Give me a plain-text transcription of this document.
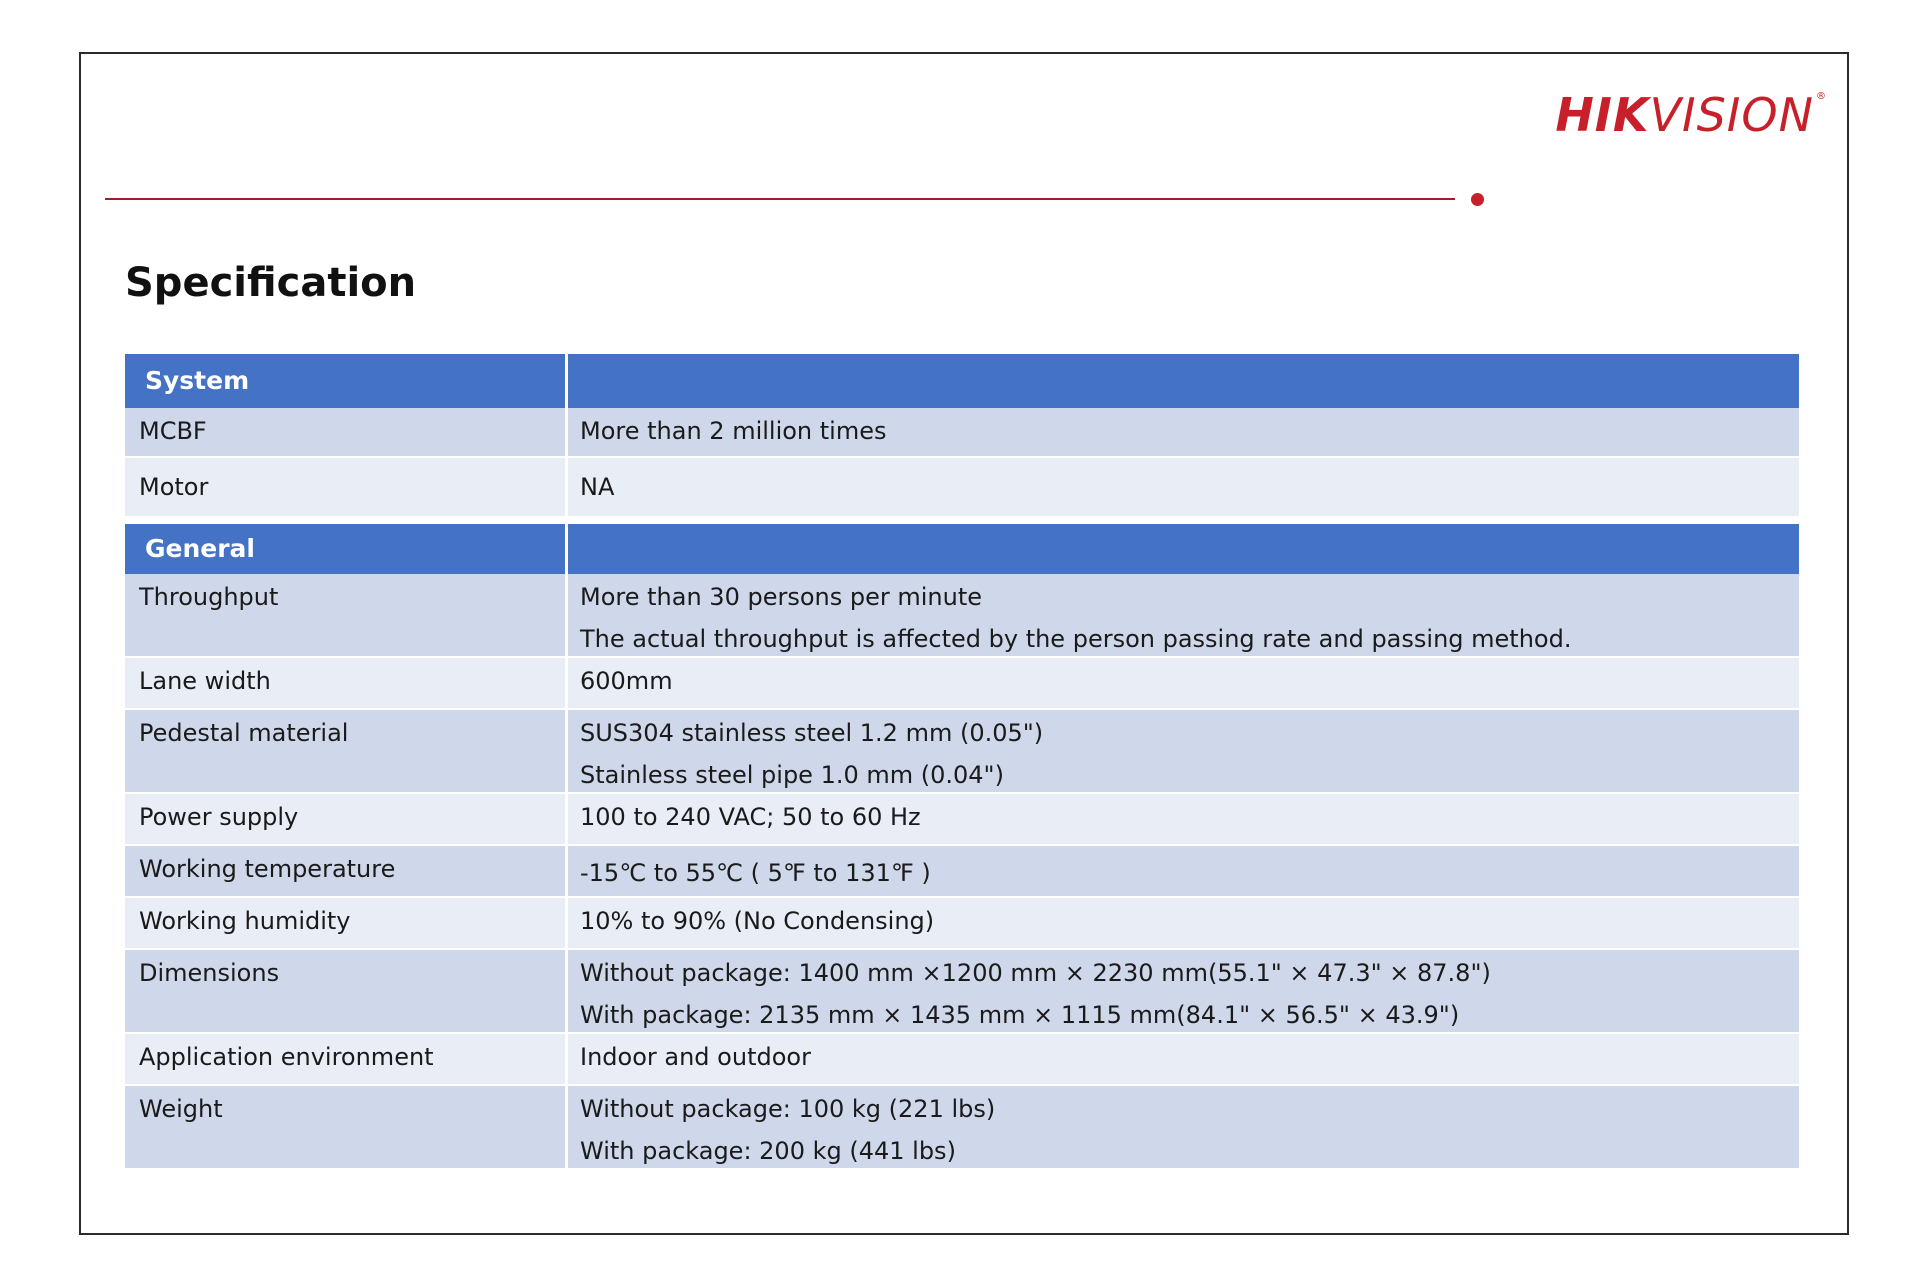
HIKVISION ®
Specification
System	

MCBF	More than 2 million times

Motor	NA

General	

Throughput	More than 30 persons per minute
The actual throughput is affected by the person passing rate and passing method.

Lane width	600mm

Pedestal material	SUS304 stainless steel 1.2 mm (0.05")
Stainless steel pipe 1.0 mm (0.04")

Power supply	100 to 240 VAC; 50 to 60 Hz

Working temperature	-15℃ to 55℃ ( 5℉ to 131℉ )

Working humidity	10% to 90% (No Condensing)

Dimensions	Without package: 1400 mm ×1200 mm × 2230 mm(55.1" × 47.3" × 87.8")
With package: 2135 mm × 1435 mm × 1115 mm(84.1" × 56.5" × 43.9")

Application environment	Indoor and outdoor

Weight	Without package: 100 kg (221 lbs)
With package: 200 kg (441 lbs)
